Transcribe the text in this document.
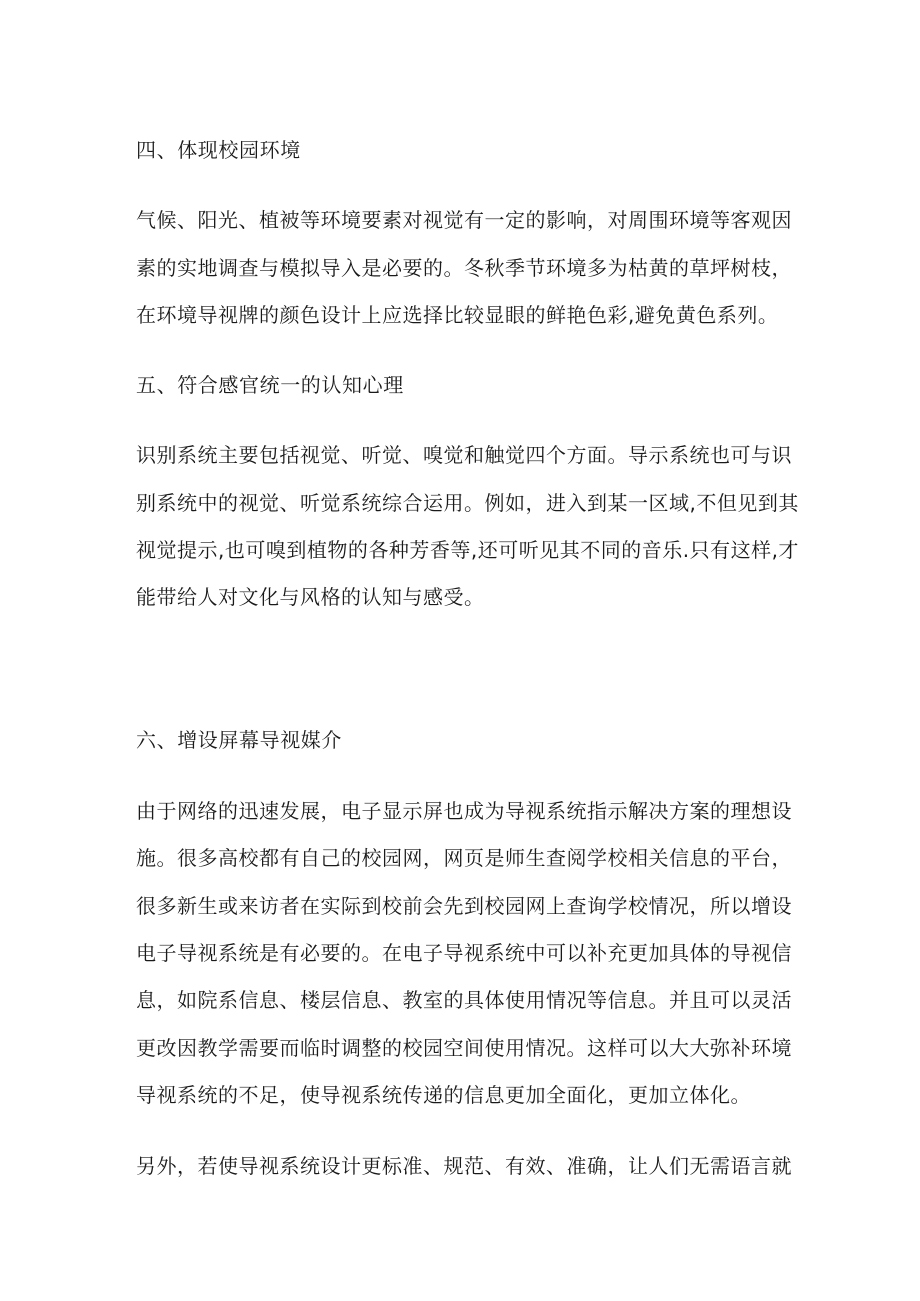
四、体现校园环境

气候、阳光、植被等环境要素对视觉有一定的影响，对周围环境等客观因

素的实地调查与模拟导入是必要的。冬秋季节环境多为枯黄的草坪树枝，

在环境导视牌的颜色设计上应选择比较显眼的鲜艳色彩,避免黄色系列。

五、符合感官统一的认知心理

识别系统主要包括视觉、听觉、嗅觉和触觉四个方面。导示系统也可与识

别系统中的视觉、听觉系统综合运用。例如，进入到某一区域,不但见到其

视觉提示,也可嗅到植物的各种芳香等,还可听见其不同的音乐.只有这样,才

能带给人对文化与风格的认知与感受。

六、增设屏幕导视媒介

由于网络的迅速发展，电子显示屏也成为导视系统指示解决方案的理想设

施。很多高校都有自己的校园网，网页是师生查阅学校相关信息的平台，

很多新生或来访者在实际到校前会先到校园网上查询学校情况，所以增设

电子导视系统是有必要的。在电子导视系统中可以补充更加具体的导视信

息，如院系信息、楼层信息、教室的具体使用情况等信息。并且可以灵活

更改因教学需要而临时调整的校园空间使用情况。这样可以大大弥补环境

导视系统的不足，使导视系统传递的信息更加全面化，更加立体化。

另外，若使导视系统设计更标准、规范、有效、准确，让人们无需语言就
